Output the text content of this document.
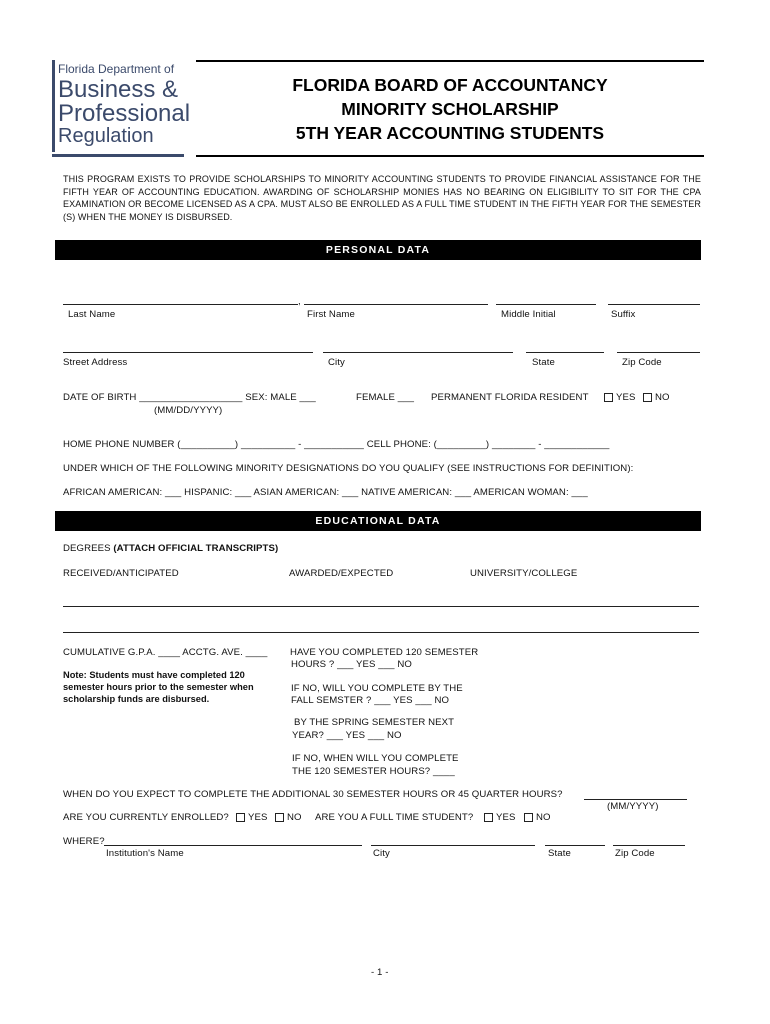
Florida Department of
Business &
Professional
Regulation
FLORIDA BOARD OF ACCOUNTANCY
MINORITY SCHOLARSHIP
5TH YEAR ACCOUNTING STUDENTS
THIS PROGRAM EXISTS TO PROVIDE SCHOLARSHIPS TO MINORITY ACCOUNTING STUDENTS TO PROVIDE FINANCIAL ASSISTANCE FOR THE FIFTH YEAR OF ACCOUNTING EDUCATION. AWARDING OF SCHOLARSHIP MONIES HAS NO BEARING ON ELIGIBILITY TO SIT FOR THE CPA EXAMINATION OR BECOME LICENSED AS A CPA. MUST ALSO BE ENROLLED AS A FULL TIME STUDENT IN THE FIFTH YEAR FOR THE SEMESTER (S) WHEN THE MONEY IS DISBURSED.
PERSONAL DATA
,
Last Name	First Name	Middle Initial	Suffix
Street Address	City	State	Zip Code
DATE OF BIRTH ___________________ SEX: MALE ___	FEMALE ___ PERMANENT FLORIDA RESIDENT	YES	NO
(MM/DD/YYYY)
HOME PHONE NUMBER (__________) __________ - ___________ CELL PHONE: (_________) ________ - ____________
UNDER WHICH OF THE FOLLOWING MINORITY DESIGNATIONS DO YOU QUALIFY (SEE INSTRUCTIONS FOR DEFINITION):
AFRICAN AMERICAN: ___ HISPANIC: ___ ASIAN AMERICAN: ___ NATIVE AMERICAN: ___ AMERICAN WOMAN: ___
EDUCATIONAL DATA
DEGREES (ATTACH OFFICIAL TRANSCRIPTS)
RECEIVED/ANTICIPATED	AWARDED/EXPECTED	UNIVERSITY/COLLEGE
CUMULATIVE G.P.A. ____ ACCTG. AVE. ____
Note: Students must have completed 120 semester hours prior to the semester when scholarship funds are disbursed.
HAVE YOU COMPLETED 120 SEMESTER
HOURS ? ___ YES ___ NO
IF NO, WILL YOU COMPLETE BY THE
FALL SEMSTER ? ___ YES ___ NO
BY THE SPRING SEMESTER NEXT
YEAR? ___ YES ___ NO
IF NO, WHEN WILL YOU COMPLETE
THE 120 SEMESTER HOURS? ____
WHEN DO YOU EXPECT TO COMPLETE THE ADDITIONAL 30 SEMESTER HOURS OR 45 QUARTER HOURS?
(MM/YYYY)
ARE YOU CURRENTLY ENROLLED?	YES	NO ARE YOU A FULL TIME STUDENT?	YES	NO
WHERE?
Institution's Name	City	State	Zip Code
- 1 -
